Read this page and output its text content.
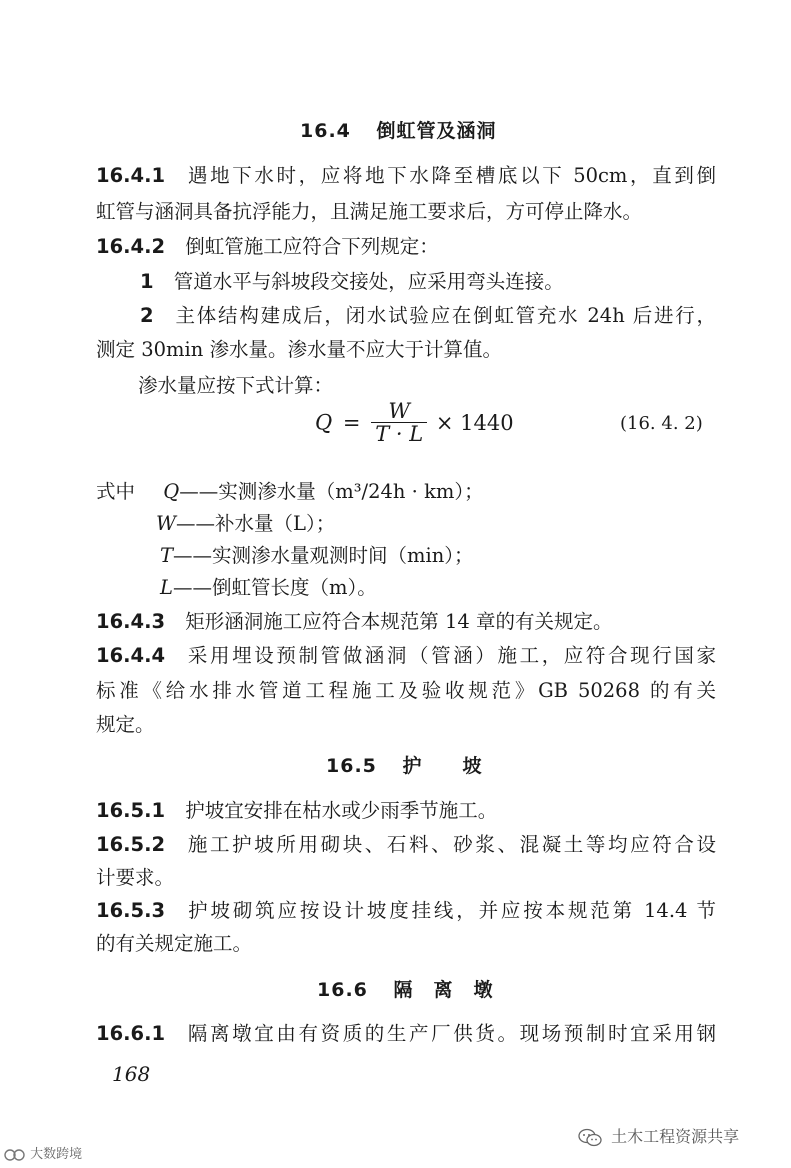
16.4 倒虹管及涵洞
16.4.1 遇地下水时，应将地下水降至槽底以下 50cm，直到倒
虹管与涵洞具备抗浮能力，且满足施工要求后，方可停止降水。
16.4.2 倒虹管施工应符合下列规定：
1 管道水平与斜坡段交接处，应采用弯头连接。
2 主体结构建成后，闭水试验应在倒虹管充水 24h 后进行，
测定 30min 渗水量。渗水量不应大于计算值。
渗水量应按下式计算：
$Q = \frac{W}{T \cdot L} \times 1440$	(16. 4. 2)
式中 Q——实测渗水量（m³/24h · km）；
W——补水量（L）；
T——实测渗水量观测时间（min）；
L——倒虹管长度（m）。
16.4.3 矩形涵洞施工应符合本规范第 14 章的有关规定。
16.4.4 采用埋设预制管做涵洞（管涵）施工，应符合现行国家
标准《给水排水管道工程施工及验收规范》GB 50268 的有关
规定。
16.5 护　　坡
16.5.1 护坡宜安排在枯水或少雨季节施工。
16.5.2 施工护坡所用砌块、石料、砂浆、混凝土等均应符合设
计要求。
16.5.3 护坡砌筑应按设计坡度挂线，并应按本规范第 14.4 节
的有关规定施工。
16.6 隔　离　墩
16.6.1 隔离墩宜由有资质的生产厂供货。现场预制时宜采用钢
168
大数跨境
土木工程资源共享
